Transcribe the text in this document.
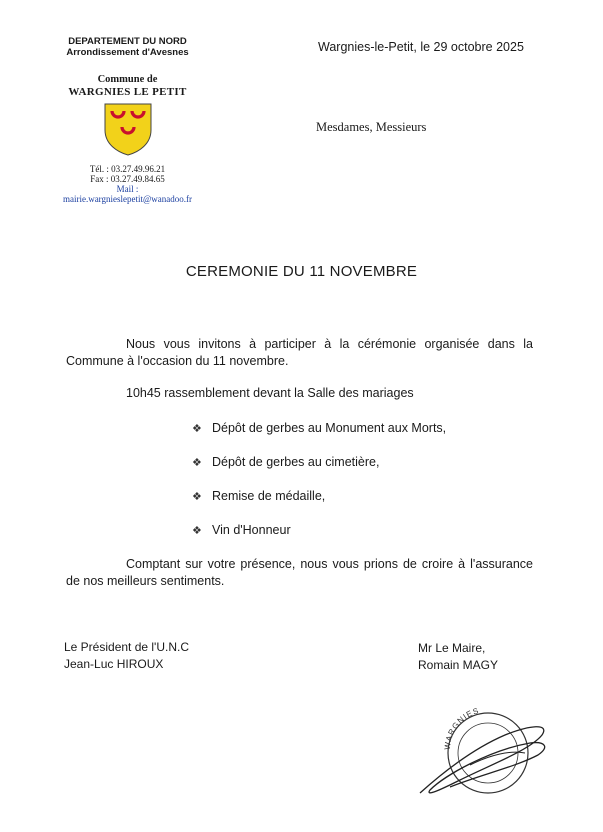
DEPARTEMENT DU NORD
Arrondissement d'Avesnes
Commune de
WARGNIES LE PETIT
Tél. : 03.27.49.96.21
Fax : 03.27.49.84.65
Mail :
mairie.wargnieslepetit@wanadoo.fr
Wargnies-le-Petit, le 29 octobre 2025
Mesdames, Messieurs
CEREMONIE DU 11 NOVEMBRE
Nous vous invitons à participer à la cérémonie organisée dans la Commune à l'occasion du 11 novembre.
10h45 rassemblement devant la Salle des mariages
❖ Dépôt de gerbes au Monument aux Morts,
❖ Dépôt de gerbes au cimetière,
❖ Remise de médaille,
❖ Vin d'Honneur
Comptant sur votre présence, nous vous prions de croire à l'assurance de nos meilleurs sentiments.
Le Président de l'U.N.C
Jean-Luc HIROUX
Mr Le Maire,
Romain MAGY
WARGNIES
